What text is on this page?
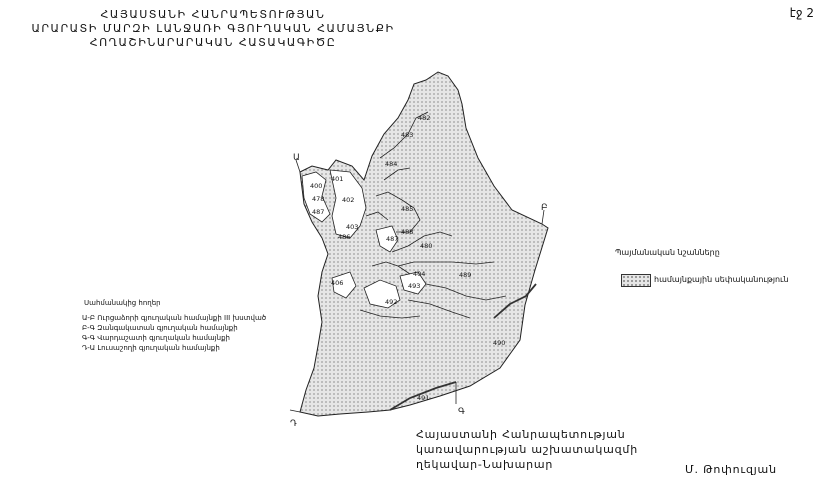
ՀԱՅԱՍՏԱՆԻ ՀԱՆՐԱՊԵՏՈՒԹՅԱՆ
ԱՐԱՐԱՏԻ ՄԱՐԶԻ ԼԱՆՋԱՌԻ ԳՅՈՒՂԱԿԱՆ ՀԱՄԱՅՆՔԻ
ՀՈՂԱՇԻՆԱՐԱՐԱԿԱՆ ՀԱՏԱԿԱԳԻԾԸ
էջ 2
Ա
Բ
Գ
Դ
482
483
484
400
401
478	402
487
403
486
485
488
487
480
406
489
404
493
492
490
491
Պայմանական նշանները
համայնքային սեփականություն
Սահմանակից հողեր
Ա-Բ Ուրցաձորի գյուղական համայնքի III խստված
Բ-Գ Զանգակատան գյուղական համայնքի
Գ-Գ Վարդաշատի գյուղական համայնքի
Դ-Ա Լուսաշողի գյուղական համայնքի
Հայաստանի Հանրապետության
կառավարության աշխատակազմի
ղեկավար-Նախարար	Մ. Թոփուզյան
